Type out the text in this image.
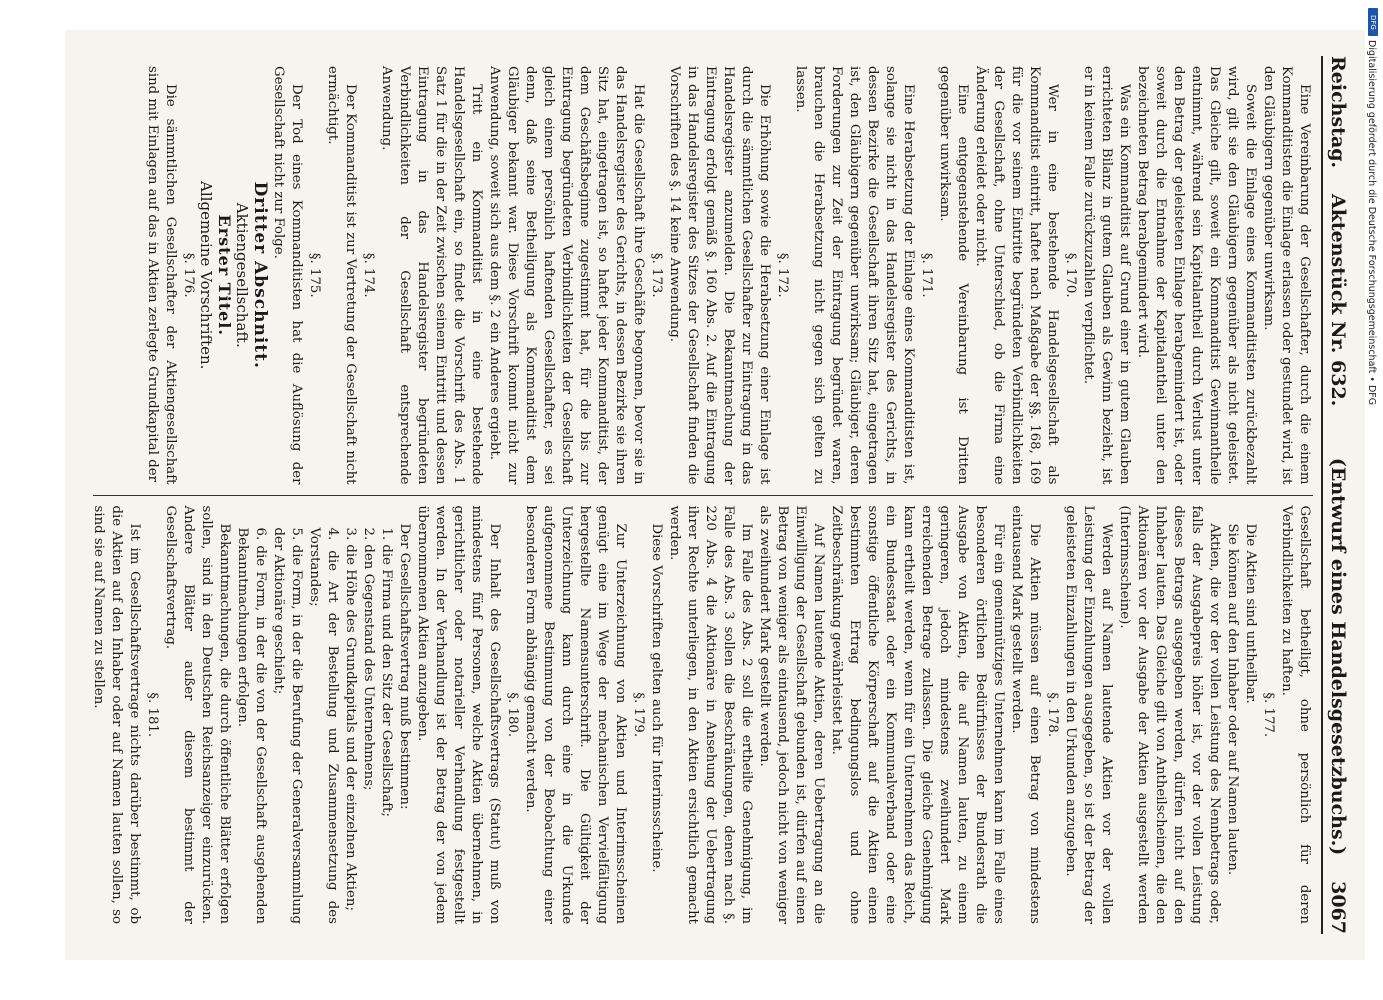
Reichstag.
Aktenstück Nr. 632.
(Entwurf eines Handelsgesetzbuchs.)
3067

Eine Vereinbarung der Gesellschafter, durch die einem Kommanditisten die Einlage erlassen oder gestundet wird, ist den Gläubigern gegenüber unwirksam.

Soweit die Einlage eines Kommanditisten zurückbezahlt wird, gilt sie den Gläubigern gegenüber als nicht geleistet. Das Gleiche gilt, soweit ein Kommanditist Gewinnantheile entnimmt, während sein Kapitalantheil durch Verlust unter den Betrag der geleisteten Einlage herabgemindert ist, oder soweit durch die Entnahme der Kapitalantheil unter den bezeichneten Betrag herabgemindert wird.

Was ein Kommanditist auf Grund einer in gutem Glauben errichteten Bilanz in gutem Glauben als Gewinn bezieht, ist er in keinem Falle zurückzuzahlen verpflichtet.

§. 170.

Wer in eine bestehende Handelsgesellschaft als Kommanditist eintritt, haftet nach Maßgabe der §§. 168, 169 für die vor seinem Eintritte begründeten Verbindlichkeiten der Gesellschaft, ohne Unterschied, ob die Firma eine Änderung erleidet oder nicht.

Eine entgegenstehende Vereinbarung ist Dritten gegenüber unwirksam.

§. 171.

Eine Herabsetzung der Einlage eines Kommanditisten ist, solange sie nicht in das Handelsregister des Gerichts, in dessen Bezirke die Gesellschaft ihren Sitz hat, eingetragen ist, den Gläubigern gegenüber unwirksam; Gläubiger, deren Forderungen zur Zeit der Eintragung begründet waren, brauchen die Herabsetzung nicht gegen sich gelten zu lassen.

§. 172.

Die Erhöhung sowie die Herabsetzung einer Einlage ist durch die sämmtlichen Gesellschafter zur Eintragung in das Handelsregister anzumelden. Die Bekanntmachung der Eintragung erfolgt gemäß §. 160 Abs. 2. Auf die Eintragung in das Handelsregister des Sitzes der Gesellschaft finden die Vorschriften des §. 14 keine Anwendung.

§. 173.

Hat die Gesellschaft ihre Geschäfte begonnen, bevor sie in das Handelsregister des Gerichts, in dessen Bezirke sie ihren Sitz hat, eingetragen ist, so haftet jeder Kommanditist, der dem Geschäftsbeginne zugestimmt hat, für die bis zur Eintragung begründeten Verbindlichkeiten der Gesellschaft gleich einem persönlich haftenden Gesellschafter, es sei denn, daß seine Betheiligung als Kommanditist dem Gläubiger bekannt war. Diese Vorschrift kommt nicht zur Anwendung, soweit sich aus dem §. 2 ein Anderes ergiebt.

Tritt ein Kommanditist in eine bestehende Handelsgesellschaft ein, so findet die Vorschrift des Abs. 1 Satz 1 für die in der Zeit zwischen seinem Eintritt und dessen Eintragung in das Handelsregister begründeten Verbindlichkeiten der Gesellschaft entsprechende Anwendung.

§. 174.

Der Kommanditist ist zur Vertretung der Gesellschaft nicht ermächtigt.

§. 175.

Der Tod eines Kommanditisten hat die Auflösung der Gesellschaft nicht zur Folge.

Dritter Abschnitt.

Aktiengesellschaft.

Erster Titel.

Allgemeine Vorschriften.

§. 176.

Die sämmtlichen Gesellschafter der Aktiengesellschaft sind mit Einlagen auf das in Aktien zerlegte Grundkapital der

Gesellschaft betheiligt, ohne persönlich für deren Verbindlichkeiten zu haften.

§. 177.

Die Aktien sind untheilbar.

Sie können auf den Inhaber oder auf Namen lauten.

Aktien, die vor der vollen Leistung des Nennbetrags oder, falls der Ausgabepreis höher ist, vor der vollen Leistung dieses Betrags ausgegeben werden, dürfen nicht auf den Inhaber lauten. Das Gleiche gilt von Antheilscheinen, die den Aktionären vor der Ausgabe der Aktien ausgestellt werden (Interimsscheine).

Werden auf Namen lautende Aktien vor der vollen Leistung der Einzahlungen ausgegeben, so ist der Betrag der geleisteten Einzahlungen in den Urkunden anzugeben.

§. 178.

Die Aktien müssen auf einen Betrag von mindestens eintausend Mark gestellt werden.

Für ein gemeinnütziges Unternehmen kann im Falle eines besonderen örtlichen Bedürfnisses der Bundesrath die Ausgabe von Aktien, die auf Namen lauten, zu einem geringeren, jedoch mindestens zweihundert Mark erreichenden Betrage zulassen. Die gleiche Genehmigung kann ertheilt werden, wenn für ein Unternehmen das Reich, ein Bundesstaat oder ein Kommunalverband oder eine sonstige öffentliche Körperschaft auf die Aktien einen bestimmten Ertrag bedingungslos und ohne Zeitbeschränkung gewährleistet hat.

Auf Namen lautende Aktien, deren Uebertragung an die Einwilligung der Gesellschaft gebunden ist, dürfen auf einen Betrag von weniger als eintausend, jedoch nicht von weniger als zweihundert Mark gestellt werden.

Im Falle des Abs. 2 soll die ertheilte Genehmigung, im Falle des Abs. 3 sollen die Beschränkungen, denen nach §. 220 Abs. 4 die Aktionäre in Ansehung der Uebertragung ihrer Rechte unterliegen, in den Aktien ersichtlich gemacht werden.

Diese Vorschriften gelten auch für Interimsscheine.

§. 179.

Zur Unterzeichnung von Aktien und Interimsscheinen genügt eine im Wege der mechanischen Vervielfältigung hergestellte Namensunterschrift. Die Gültigkeit der Unterzeichnung kann durch eine in die Urkunde aufgenommene Bestimmung von der Beobachtung einer besonderen Form abhängig gemacht werden.

§. 180.

Der Inhalt des Gesellschaftsvertrags (Statut) muß von mindestens fünf Personen, welche Aktien übernehmen, in gerichtlicher oder notarieller Verhandlung festgestellt werden. In der Verhandlung ist der Betrag der von jedem übernommenen Aktien anzugeben.

Der Gesellschaftsvertrag muß bestimmen:

1. die Firma und den Sitz der Gesellschaft;

2. den Gegenstand des Unternehmens;

3. die Höhe des Grundkapitals und der einzelnen Aktien;

4. die Art der Bestellung und Zusammensetzung des Vorstandes;

5. die Form, in der die Berufung der Generalversammlung der Aktionäre geschieht;

6. die Form, in der die von der Gesellschaft ausgehenden Bekanntmachungen erfolgen.

Bekanntmachungen, die durch öffentliche Blätter erfolgen sollen, sind in den Deutschen Reichsanzeiger einzurücken. Andere Blätter außer diesem bestimmt der Gesellschaftsvertrag.

§. 181.

Ist im Gesellschaftsvertrage nichts darüber bestimmt, ob die Aktien auf den Inhaber oder auf Namen lauten sollen, so sind sie auf Namen zu stellen.

DFG
Digitalisierung gefördert durch die Deutsche Forschungsgemeinschaft • DFG
